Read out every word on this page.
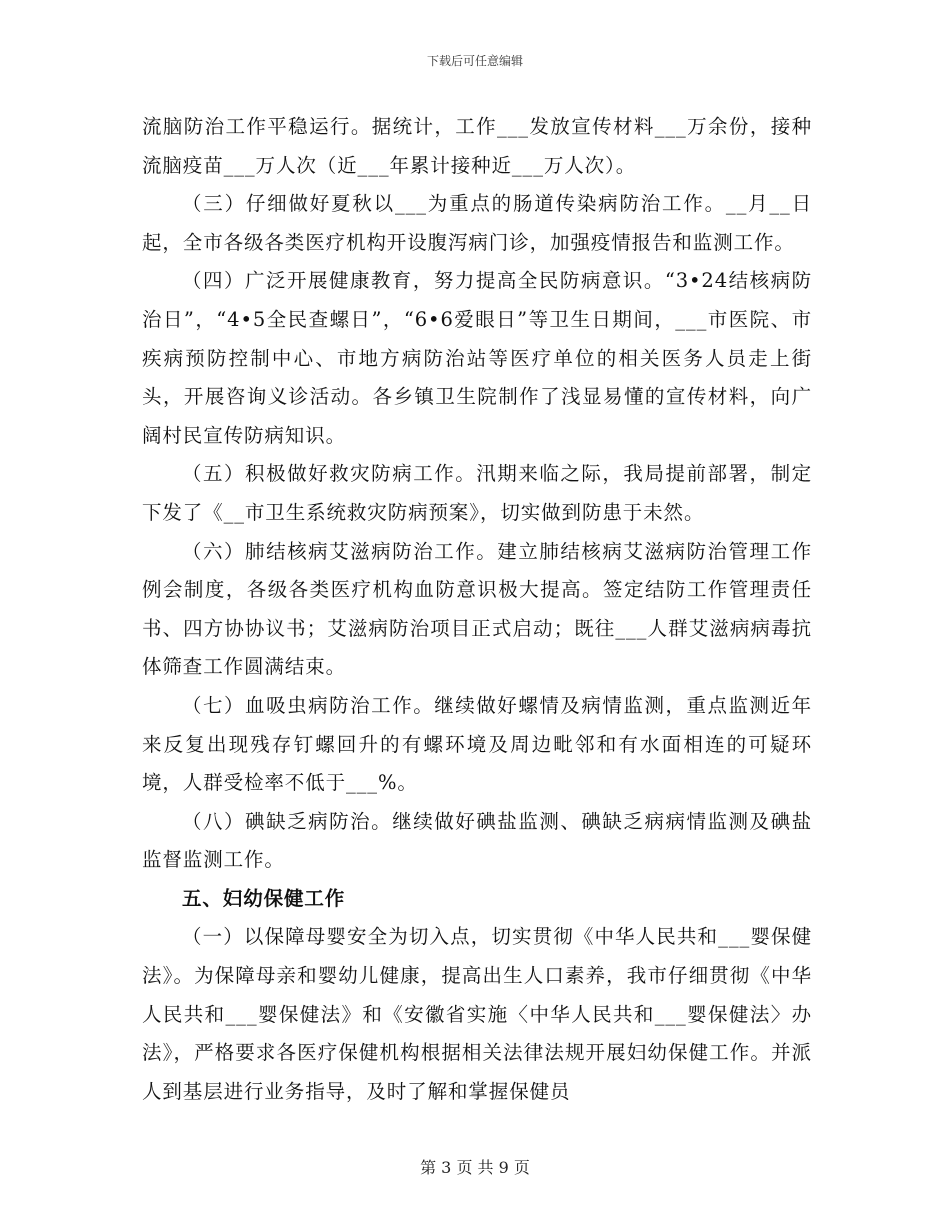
下载后可任意编辑

流脑防治工作平稳运行。据统计，工作___发放宣传材料___万余份，接种流脑疫苗___万人次（近___年累计接种近___万人次）。

（三）仔细做好夏秋以___为重点的肠道传染病防治工作。__月__日起，全市各级各类医疗机构开设腹泻病门诊，加强疫情报告和监测工作。

（四）广泛开展健康教育，努力提高全民防病意识。“3•24结核病防治日”，“4•5全民查螺日”，“6•6爱眼日”等卫生日期间，___市医院、市疾病预防控制中心、市地方病防治站等医疗单位的相关医务人员走上街头，开展咨询义诊活动。各乡镇卫生院制作了浅显易懂的宣传材料，向广阔村民宣传防病知识。

（五）积极做好救灾防病工作。汛期来临之际，我局提前部署，制定下发了《__市卫生系统救灾防病预案》，切实做到防患于未然。

（六）肺结核病艾滋病防治工作。建立肺结核病艾滋病防治管理工作例会制度，各级各类医疗机构血防意识极大提高。签定结防工作管理责任书、四方协协议书；艾滋病防治项目正式启动；既往___人群艾滋病病毒抗体筛查工作圆满结束。

（七）血吸虫病防治工作。继续做好螺情及病情监测，重点监测近年来反复出现残存钉螺回升的有螺环境及周边毗邻和有水面相连的可疑环境，人群受检率不低于___%。

（八）碘缺乏病防治。继续做好碘盐监测、碘缺乏病病情监测及碘盐监督监测工作。

五、妇幼保健工作

（一）以保障母婴安全为切入点，切实贯彻《中华人民共和___婴保健法》。为保障母亲和婴幼儿健康，提高出生人口素养，我市仔细贯彻《中华人民共和___婴保健法》和《安徽省实施〈中华人民共和___婴保健法〉办法》，严格要求各医疗保健机构根据相关法律法规开展妇幼保健工作。并派人到基层进行业务指导，及时了解和掌握保健员

第 3 页 共 9 页
